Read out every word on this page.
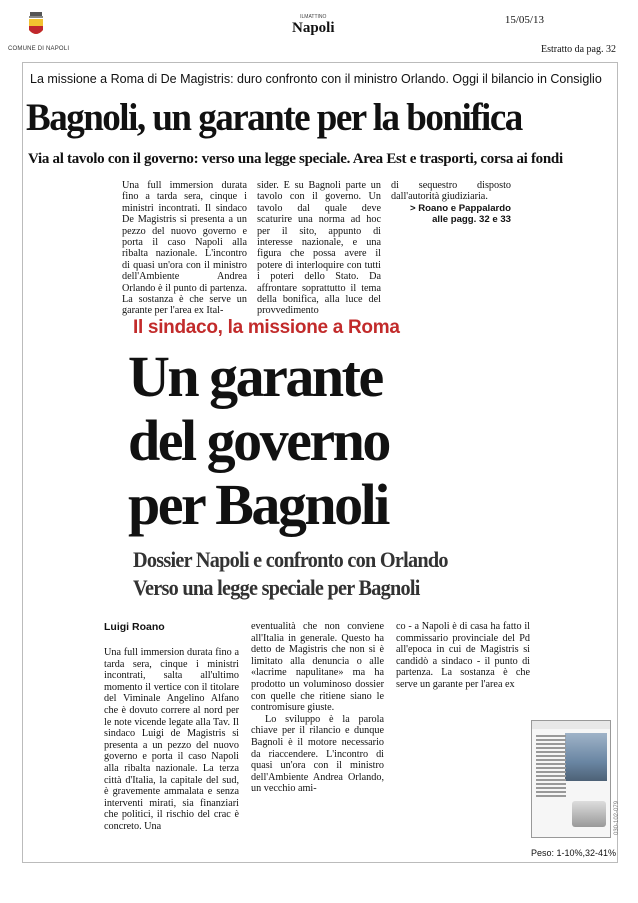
COMUNE DI NAPOLI
ILMATTINO
Napoli	15/05/13
Estratto da pag. 32
La missione a Roma di De Magistris: duro confronto con il ministro Orlando. Oggi il bilancio in Consiglio
Bagnoli, un garante per la bonifica
Via al tavolo con il governo: verso una legge speciale. Area Est e trasporti, corsa ai fondi
Una full immersion durata fino a tarda sera, cinque i ministri incontrati. Il sindaco De Magistris si presenta a un pezzo del nuovo governo e porta il caso Napoli alla ribalta nazionale. L'incontro di quasi un'ora con il ministro dell'Ambiente Andrea Orlando è il punto di partenza. La sostanza è che serve un garante per l'area ex Ital-
sider. E su Bagnoli parte un tavolo con il governo. Un tavolo dal quale deve scaturire una norma ad hoc per il sito, appunto di interesse nazionale, e una figura che possa avere il potere di interloquire con tutti i poteri dello Stato. Da affrontare soprattutto il tema della bonifica, alla luce del provvedimento
di sequestro disposto dall'autorità giudiziaria.
> Roano e Pappalardo
alle pagg. 32 e 33
Il sindaco, la missione a Roma
Un garante
del governo
per Bagnoli
Dossier Napoli e confronto con Orlando
Verso una legge speciale per Bagnoli
Luigi Roano
Una full immersion durata fino a tarda sera, cinque i ministri incontrati, salta all'ultimo momento il vertice con il titolare del Viminale Angelino Alfano che è dovuto correre al nord per le note vicende legate alla Tav. Il sindaco Luigi de Magistris si presenta a un pezzo del nuovo governo e porta il caso Napoli alla ribalta nazionale. La terza città d'Italia, la capitale del sud, è gravemente ammalata e senza interventi mirati, sia finanziari che politici, il rischio del crac è concreto. Una
eventualità che non conviene all'Italia in generale. Questo ha detto de Magistris che non si è limitato alla denuncia o alle «lacrime napulitane» ma ha prodotto un voluminoso dossier con quelle che ritiene siano le contromisure giuste.
Lo sviluppo è la parola chiave per il rilancio e dunque Bagnoli è il motore necessario da riaccendere. L'incontro di quasi un'ora con il ministro dell'Ambiente Andrea Orlando, un vecchio ami-
co - a Napoli è di casa ha fatto il commissario provinciale del Pd all'epoca in cui de Magistris si candidò a sindaco - il punto di partenza. La sostanza è che serve un garante per l'area ex
030-102-079
Peso: 1-10%,32-41%
